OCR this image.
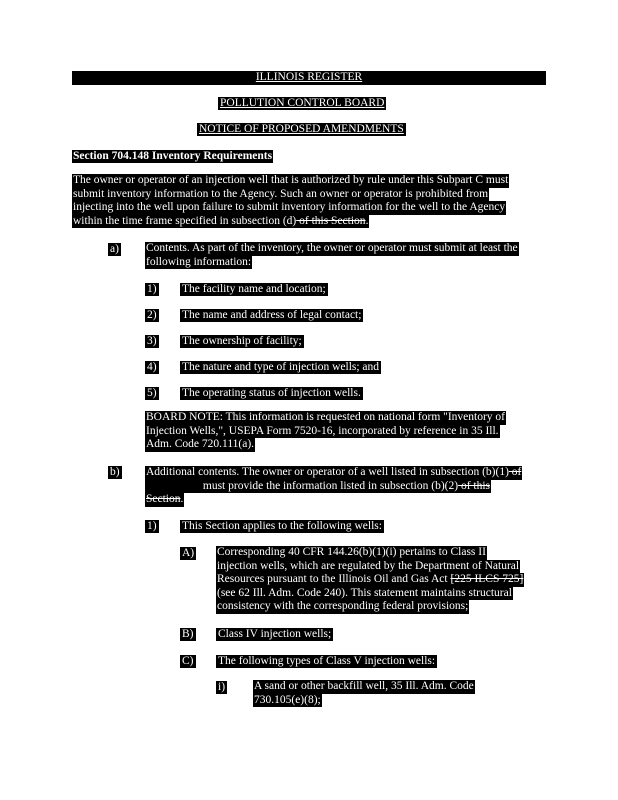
ILLINOIS REGISTER
POLLUTION CONTROL BOARD
NOTICE OF PROPOSED AMENDMENTS
Section 704.148 Inventory Requirements
The owner or operator of an injection well that is authorized by rule under this Subpart C must
submit inventory information to the Agency. Such an owner or operator is prohibited from
injecting into the well upon failure to submit inventory information for the well to the Agency
within the time frame specified in subsection (d) of this Section.
a) Contents. As part of the inventory, the owner or operator must submit at least the
following information:
1) The facility name and location;
2) The name and address of legal contact;
3) The ownership of facility;
4) The nature and type of injection wells; and
5) The operating status of injection wells.
BOARD NOTE: This information is requested on national form "Inventory of
Injection Wells,", USEPA Form 7520-16, incorporated by reference in 35 Ill.
Adm. Code 720.111(a).
b) Additional contents. The owner or operator of a well listed in subsection (b)(1) of
must provide the information listed in subsection (b)(2) of this
Section.
1) This Section applies to the following wells:
A) Corresponding 40 CFR 144.26(b)(1)(i) pertains to Class II
injection wells, which are regulated by the Department of Natural
Resources pursuant to the Illinois Oil and Gas Act [225 ILCS 725]
(see 62 Ill. Adm. Code 240). This statement maintains structural
consistency with the corresponding federal provisions;
B) Class IV injection wells;
C) The following types of Class V injection wells:
i)	A sand or other backfill well, 35 Ill. Adm. Code
730.105(e)(8);
